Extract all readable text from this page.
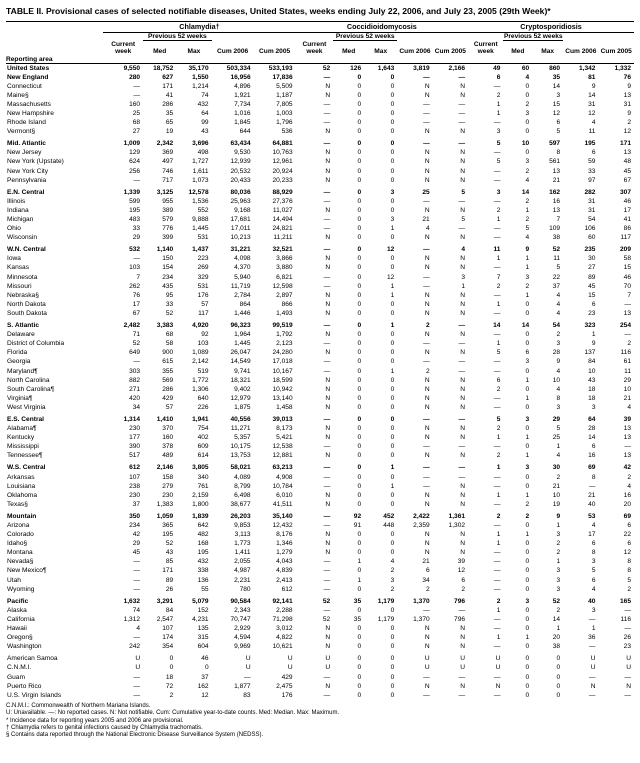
TABLE II. Provisional cases of selected notifiable diseases, United States, weeks ending July 22, 2006, and July 23, 2005 (29th Week)*
	Chlamydia†					Coccidioidomycosis					Cryptosporidiosis				
		Previous 52 weeks					Previous 52 weeks					Previous 52 weeks			
	Current week	Med	Max	Cum 2006	Cum 2005	Current week	Med	Max	Cum 2006	Cum 2005	Current week	Med	Max	Cum 2006	Cum 2005
Reporting area															
United States	9,550	18,752	35,170	503,334	533,193	52	126	1,643	3,819	2,166	49	60	860	1,342	1,332
New England	280	627	1,550	16,956	17,836	—	0	0	—	—	6	4	35	81	76
Connecticut	—	171	1,214	4,896	5,509	N	0	0	N	N	—	0	14	9	9
Maine§	—	41	74	1,921	1,187	N	0	0	N	N	2	0	3	14	13
Massachusetts	160	286	432	7,734	7,805	—	0	0	—	—	1	2	15	31	31
New Hampshire	25	35	64	1,016	1,003	—	0	0	—	—	1	3	12	12	9
Rhode Island	68	65	99	1,845	1,796	—	0	0	—	—	—	0	6	4	2
Vermont§	27	19	43	644	536	N	0	0	N	N	3	0	5	11	12

Mid. Atlantic	1,009	2,342	3,696	63,434	64,881	—	0	0	—	—	5	10	597	195	171
New Jersey	129	369	498	9,530	10,763	N	0	0	N	N	—	0	8	6	13
New York (Upstate)	624	497	1,727	12,939	12,961	N	0	0	N	N	5	3	561	59	48
New York City	256	746	1,611	20,532	20,924	N	0	0	N	N	—	2	13	33	45
Pennsylvania	—	717	1,073	20,433	20,233	N	0	0	N	N	—	4	21	97	67

E.N. Central	1,339	3,125	12,578	80,036	88,929	—	0	3	25	5	3	14	162	282	307
Illinois	599	955	1,536	25,963	27,376	—	0	0	—	—	—	2	16	31	46
Indiana	195	389	552	9,168	11,027	N	0	0	N	N	2	1	13	31	17
Michigan	483	579	9,888	17,681	14,494	—	0	3	21	5	1	2	7	54	41
Ohio	33	776	1,445	17,011	24,821	—	0	1	4	—	—	5	109	106	86
Wisconsin	29	399	531	10,213	11,211	N	0	0	N	N	—	4	38	60	117

W.N. Central	532	1,140	1,437	31,221	32,521	—	0	12	—	4	11	9	52	235	209
Iowa	—	150	223	4,098	3,866	N	0	0	N	N	1	1	11	30	58
Kansas	103	154	269	4,370	3,880	N	0	0	N	N	—	1	5	27	15
Minnesota	7	234	329	5,940	6,821	—	0	12	—	3	7	3	22	89	46
Missouri	262	435	531	11,719	12,598	—	0	1	—	1	2	2	37	45	70
Nebraska§	76	95	176	2,784	2,897	N	0	1	N	N	—	1	4	15	7
North Dakota	17	33	57	864	866	N	0	0	N	N	1	0	4	6	—
South Dakota	67	52	117	1,446	1,493	N	0	0	N	N	—	0	4	23	13

S. Atlantic	2,482	3,383	4,920	96,323	99,519	—	0	1	2	—	14	14	54	323	254
Delaware	71	68	92	1,964	1,792	N	0	0	N	N	—	0	2	1	—
District of Columbia	52	58	103	1,445	2,123	—	0	0	—	—	1	0	3	9	2
Florida	649	900	1,089	26,047	24,280	N	0	0	N	N	5	6	28	137	116
Georgia	—	615	2,142	14,549	17,018	—	0	0	—	—	—	3	9	84	61
Maryland¶	303	355	519	9,741	10,167	—	0	1	2	—	—	0	4	10	11
North Carolina	882	569	1,772	18,321	18,599	N	0	0	N	N	6	1	10	43	29
South Carolina¶	271	286	1,306	9,402	10,942	N	0	0	N	N	2	0	4	18	10
Virginia¶	420	429	640	12,979	13,140	N	0	0	N	N	—	1	8	18	21
West Virginia	34	57	226	1,875	1,458	N	0	0	N	N	—	0	3	3	4

E.S. Central	1,314	1,410	1,941	40,556	39,013	—	0	0	—	—	5	3	29	64	39
Alabama¶	230	370	754	11,271	8,173	N	0	0	N	N	2	0	5	28	13
Kentucky	177	160	402	5,357	5,421	N	0	0	N	N	1	1	25	14	13
Mississippi	390	378	609	10,175	12,538	—	0	0	—	—	—	0	1	6	—
Tennessee¶	517	489	614	13,753	12,881	N	0	0	N	N	2	1	4	16	13

W.S. Central	612	2,146	3,805	58,021	63,213	—	0	1	—	—	1	3	30	69	42
Arkansas	107	158	340	4,089	4,908	—	0	0	—	—	—	0	2	8	2
Louisiana	238	279	761	8,799	10,784	—	0	1	—	N	—	0	21	—	4
Oklahoma	230	230	2,159	6,498	6,010	N	0	0	N	N	1	1	10	21	16
Texas§	37	1,383	1,800	38,677	41,511	N	0	0	N	N	—	2	19	40	20

Mountain	350	1,059	1,839	26,203	35,140	—	92	452	2,422	1,361	2	2	9	53	69
Arizona	234	365	642	9,853	12,432	—	91	448	2,359	1,302	—	0	1	4	6
Colorado	42	195	482	3,113	8,176	N	0	0	N	N	1	1	3	17	22
Idaho§	29	52	168	1,773	1,346	N	0	0	N	N	1	0	2	6	6
Montana	45	43	195	1,411	1,279	N	0	0	N	N	—	0	2	8	12
Nevada§	—	85	432	2,055	4,043	—	1	4	21	39	—	0	1	3	8
New Mexico¶	—	171	338	4,987	4,839	—	0	2	6	12	—	0	3	5	8
Utah	—	89	136	2,231	2,413	—	1	3	34	6	—	0	3	6	5
Wyoming	—	26	55	780	612	—	0	2	2	2	—	0	3	4	2

Pacific	1,632	3,291	5,079	90,584	92,141	52	35	1,179	1,370	796	2	3	52	40	165
Alaska	74	84	152	2,343	2,288	—	0	0	—	—	1	0	2	3	—
California	1,312	2,547	4,231	70,747	71,298	52	35	1,179	1,370	796	—	0	14	—	116
Hawaii	4	107	135	2,929	3,012	N	0	0	N	N	—	0	1	1	—
Oregon§	—	174	315	4,594	4,822	N	0	0	N	N	1	1	20	36	26
Washington	242	354	604	9,969	10,621	N	0	0	N	N	—	0	38	—	23

American Samoa	U	0	46	U	U	U	0	0	U	U	U	0	0	U	U
C.N.M.I.	U	0	0	U	U	U	0	0	U	U	U	0	0	U	U
Guam	—	18	37	—	429	—	0	0	—	—	—	0	0	—	—
Puerto Rico	—	72	162	1,877	2,475	N	0	0	N	N	N	0	0	N	N
U.S. Virgin Islands	—	2	12	83	176	—	0	0	—	—	—	0	0	—	—
C.N.M.I.: Commonwealth of Northern Mariana Islands.
U: Unavailable. —: No reported cases. N: Not notifiable. Cum: Cumulative year-to-date counts. Med: Median. Max: Maximum.
* Incidence data for reporting years 2005 and 2006 are provisional.
† Chlamydia refers to genital infections caused by Chlamydia trachomatis.
§ Contains data reported through the National Electronic Disease Surveillance System (NEDSS).
